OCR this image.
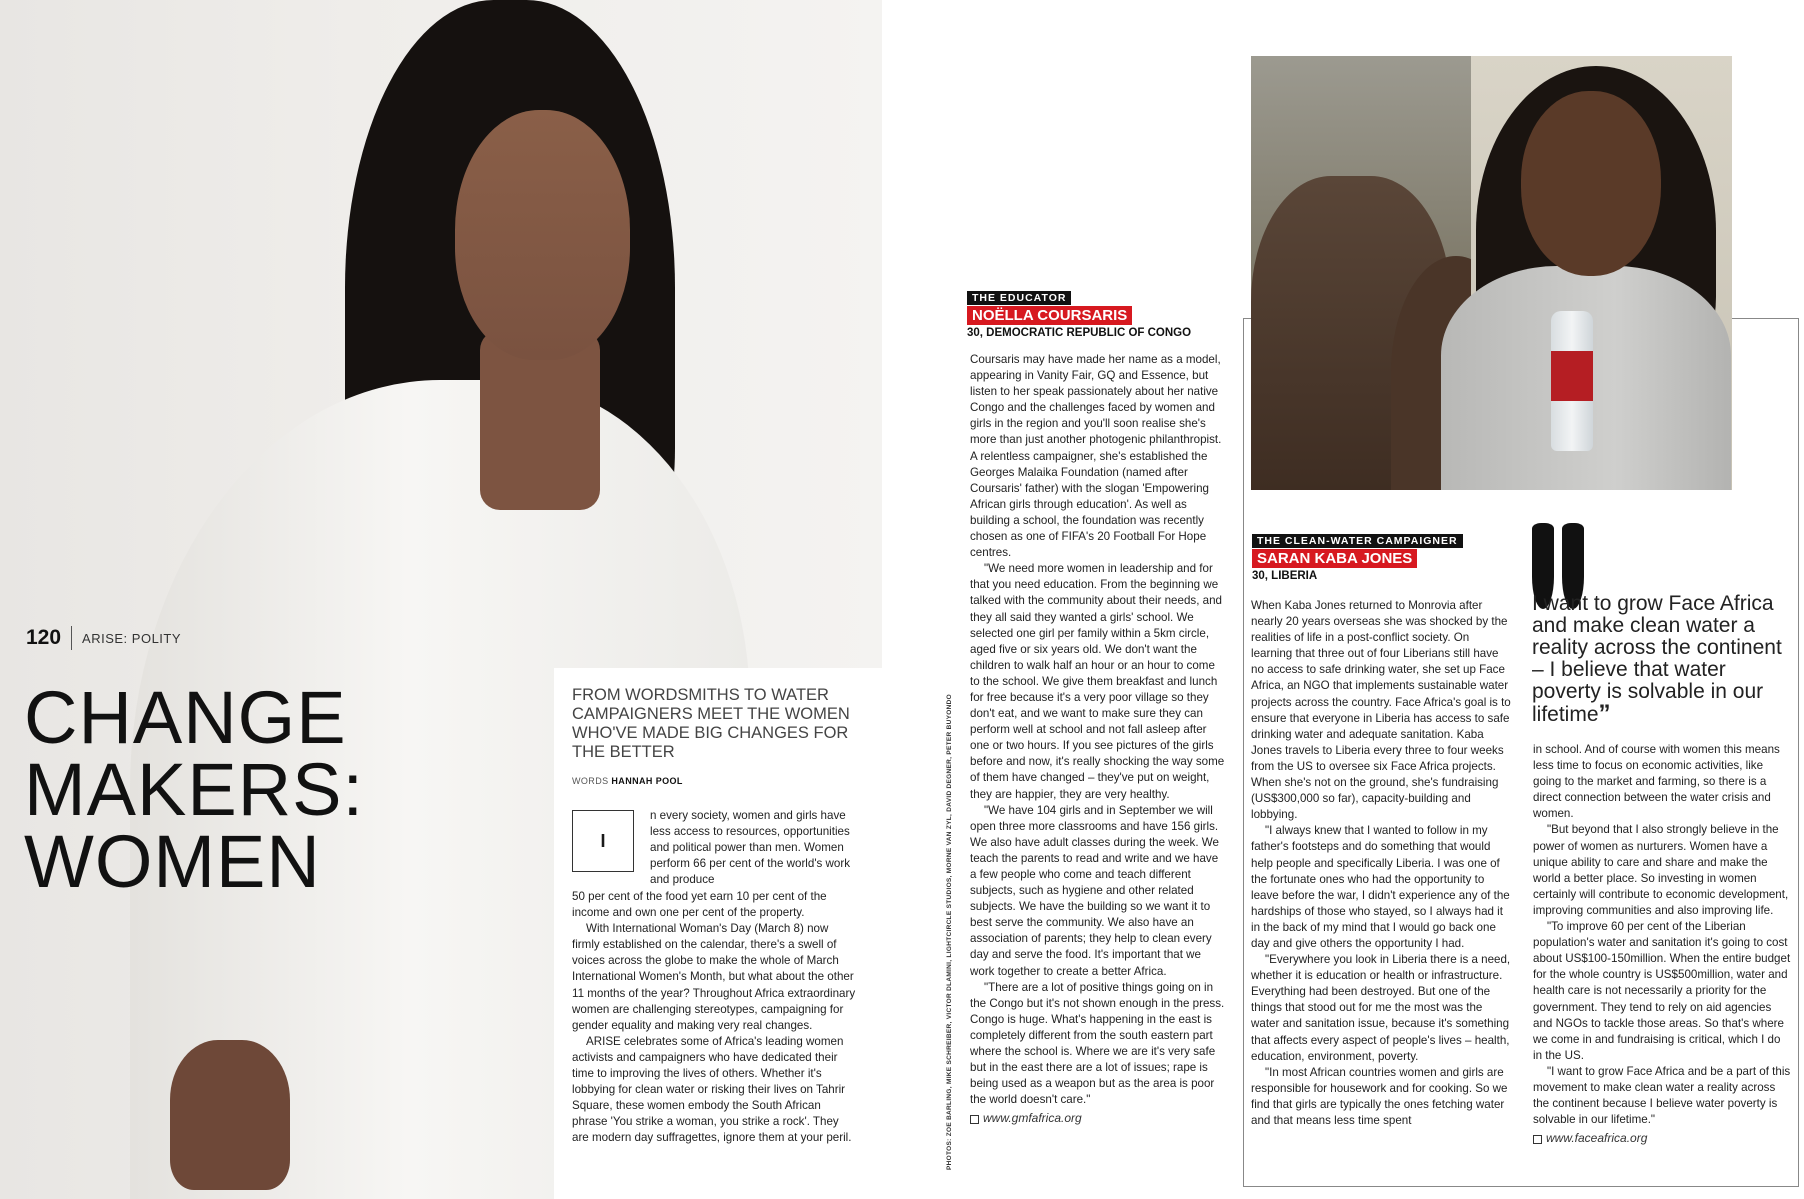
120 ARISE: POLITY
CHANGE
MAKERS:
WOMEN
FROM WORDSMITHS TO WATER CAMPAIGNERS MEET THE WOMEN WHO'VE MADE BIG CHANGES FOR THE BETTER
WORDS HANNAH POOL
I

n every society, women and girls have less access to resources, opportunities and political power than men. Women perform 66 per cent of the world's work and produce

50 per cent of the food yet earn 10 per cent of the income and own one per cent of the property.

With International Woman's Day (March 8) now firmly established on the calendar, there's a swell of voices across the globe to make the whole of March International Women's Month, but what about the other 11 months of the year? Throughout Africa extraordinary women are challenging stereotypes, campaigning for gender equality and making very real changes.

ARISE celebrates some of Africa's leading women activists and campaigners who have dedicated their time to improving the lives of others. Whether it's lobbying for clean water or risking their lives on Tahrir Square, these women embody the South African phrase 'You strike a woman, you strike a rock'. They are modern day suffragettes, ignore them at your peril.	PHOTOS: ZOE BARLING, MIKE SCHREIBER, VICTOR DLAMINI, LIGHTCIRCLE STUDIOS, MORNE VAN ZYL, DAVID DEGNER, PETER BUYONDO
THE EDUCATOR
NOËLLA COURSARIS
30, DEMOCRATIC REPUBLIC OF CONGO

Coursaris may have made her name as a model, appearing in Vanity Fair, GQ and Essence, but listen to her speak passionately about her native Congo and the challenges faced by women and girls in the region and you'll soon realise she's more than just another photogenic philanthropist. A relentless campaigner, she's established the Georges Malaika Foundation (named after Coursaris' father) with the slogan 'Empowering African girls through education'. As well as building a school, the foundation was recently chosen as one of FIFA's 20 Football For Hope centres.

"We need more women in leadership and for that you need education. From the beginning we talked with the community about their needs, and they all said they wanted a girls' school. We selected one girl per family within a 5km circle, aged five or six years old. We don't want the children to walk half an hour or an hour to come to the school. We give them breakfast and lunch for free because it's a very poor village so they don't eat, and we want to make sure they can perform well at school and not fall asleep after one or two hours. If you see pictures of the girls before and now, it's really shocking the way some of them have changed – they've put on weight, they are happier, they are very healthy.

"We have 104 girls and in September we will open three more classrooms and have 156 girls. We also have adult classes during the week. We teach the parents to read and write and we have a few people who come and teach different subjects, such as hygiene and other related subjects. We have the building so we want it to best serve the community. We also have an association of parents; they help to clean every day and serve the food. It's important that we work together to create a better Africa.

"There are a lot of positive things going on in the Congo but it's not shown enough in the press. Congo is huge. What's happening in the east is completely different from the south eastern part where the school is. Where we are it's very safe but in the east there are a lot of issues; rape is being used as a weapon but as the area is poor the world doesn't care."

www.gmfafrica.org
THE CLEAN-WATER CAMPAIGNER
SARAN KABA JONES
30, LIBERIA

When Kaba Jones returned to Monrovia after nearly 20 years overseas she was shocked by the realities of life in a post-conflict society. On learning that three out of four Liberians still have no access to safe drinking water, she set up Face Africa, an NGO that implements sustainable water projects across the country. Face Africa's goal is to ensure that everyone in Liberia has access to safe drinking water and adequate sanitation. Kaba Jones travels to Liberia every three to four weeks from the US to oversee six Face Africa projects. When she's not on the ground, she's fundraising (US$300,000 so far), capacity-building and lobbying.

"I always knew that I wanted to follow in my father's footsteps and do something that would help people and specifically Liberia. I was one of the fortunate ones who had the opportunity to leave before the war, I didn't experience any of the hardships of those who stayed, so I always had it in the back of my mind that I would go back one day and give others the opportunity I had.

"Everywhere you look in Liberia there is a need, whether it is education or health or infrastructure. Everything had been destroyed. But one of the things that stood out for me the most was the water and sanitation issue, because it's something that affects every aspect of people's lives – health, education, environment, poverty.

"In most African countries women and girls are responsible for housework and for cooking. So we find that girls are typically the ones fetching water and that means less time spent

I want to grow Face Africa and make clean water a reality across the continent – I believe that water poverty is solvable in our lifetime”

in school. And of course with women this means less time to focus on economic activities, like going to the market and farming, so there is a direct connection between the water crisis and women.

"But beyond that I also strongly believe in the power of women as nurturers. Women have a unique ability to care and share and make the world a better place. So investing in women certainly will contribute to economic development, improving communities and also improving life.

"To improve 60 per cent of the Liberian population's water and sanitation it's going to cost about US$100-150million. When the entire budget for the whole country is US$500million, water and health care is not necessarily a priority for the government. They tend to rely on aid agencies and NGOs to tackle those areas. So that's where we come in and fundraising is critical, which I do in the US.

"I want to grow Face Africa and be a part of this movement to make clean water a reality across the continent because I believe water poverty is solvable in our lifetime."

www.faceafrica.org
